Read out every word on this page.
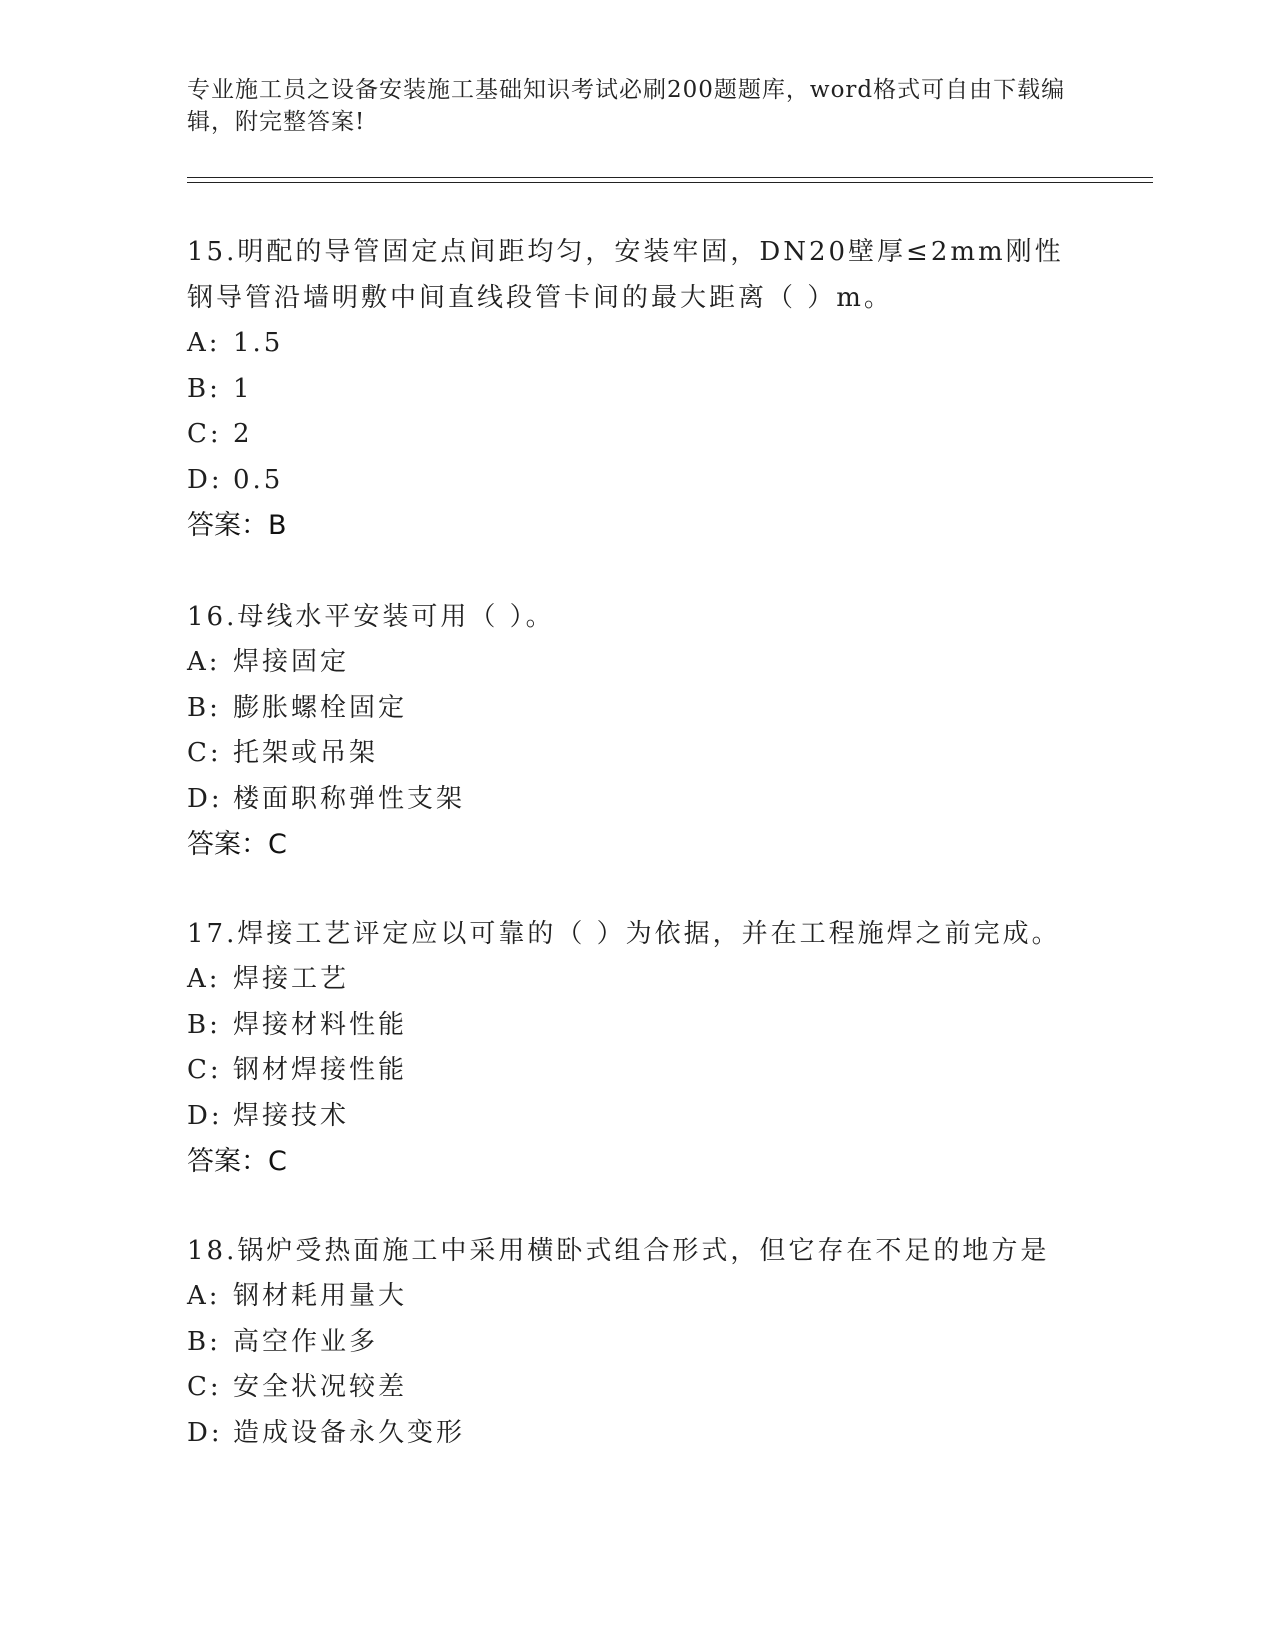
专业施工员之设备安装施工基础知识考试必刷200题题库，word格式可自由下载编辑，附完整答案!

15.明配的导管固定点间距均匀，安装牢固，DN20壁厚≤2mm刚性钢导管沿墙明敷中间直线段管卡间的最大距离（ ）m。

A: 1.5

B: 1

C: 2

D: 0.5

答案：B

16.母线水平安装可用（ ）。

A: 焊接固定

B: 膨胀螺栓固定

C: 托架或吊架

D: 楼面职称弹性支架

答案：C

17.焊接工艺评定应以可靠的（ ）为依据，并在工程施焊之前完成。

A: 焊接工艺

B: 焊接材料性能

C: 钢材焊接性能

D: 焊接技术

答案：C

18.锅炉受热面施工中采用横卧式组合形式，但它存在不足的地方是

A: 钢材耗用量大

B: 高空作业多

C: 安全状况较差

D: 造成设备永久变形
